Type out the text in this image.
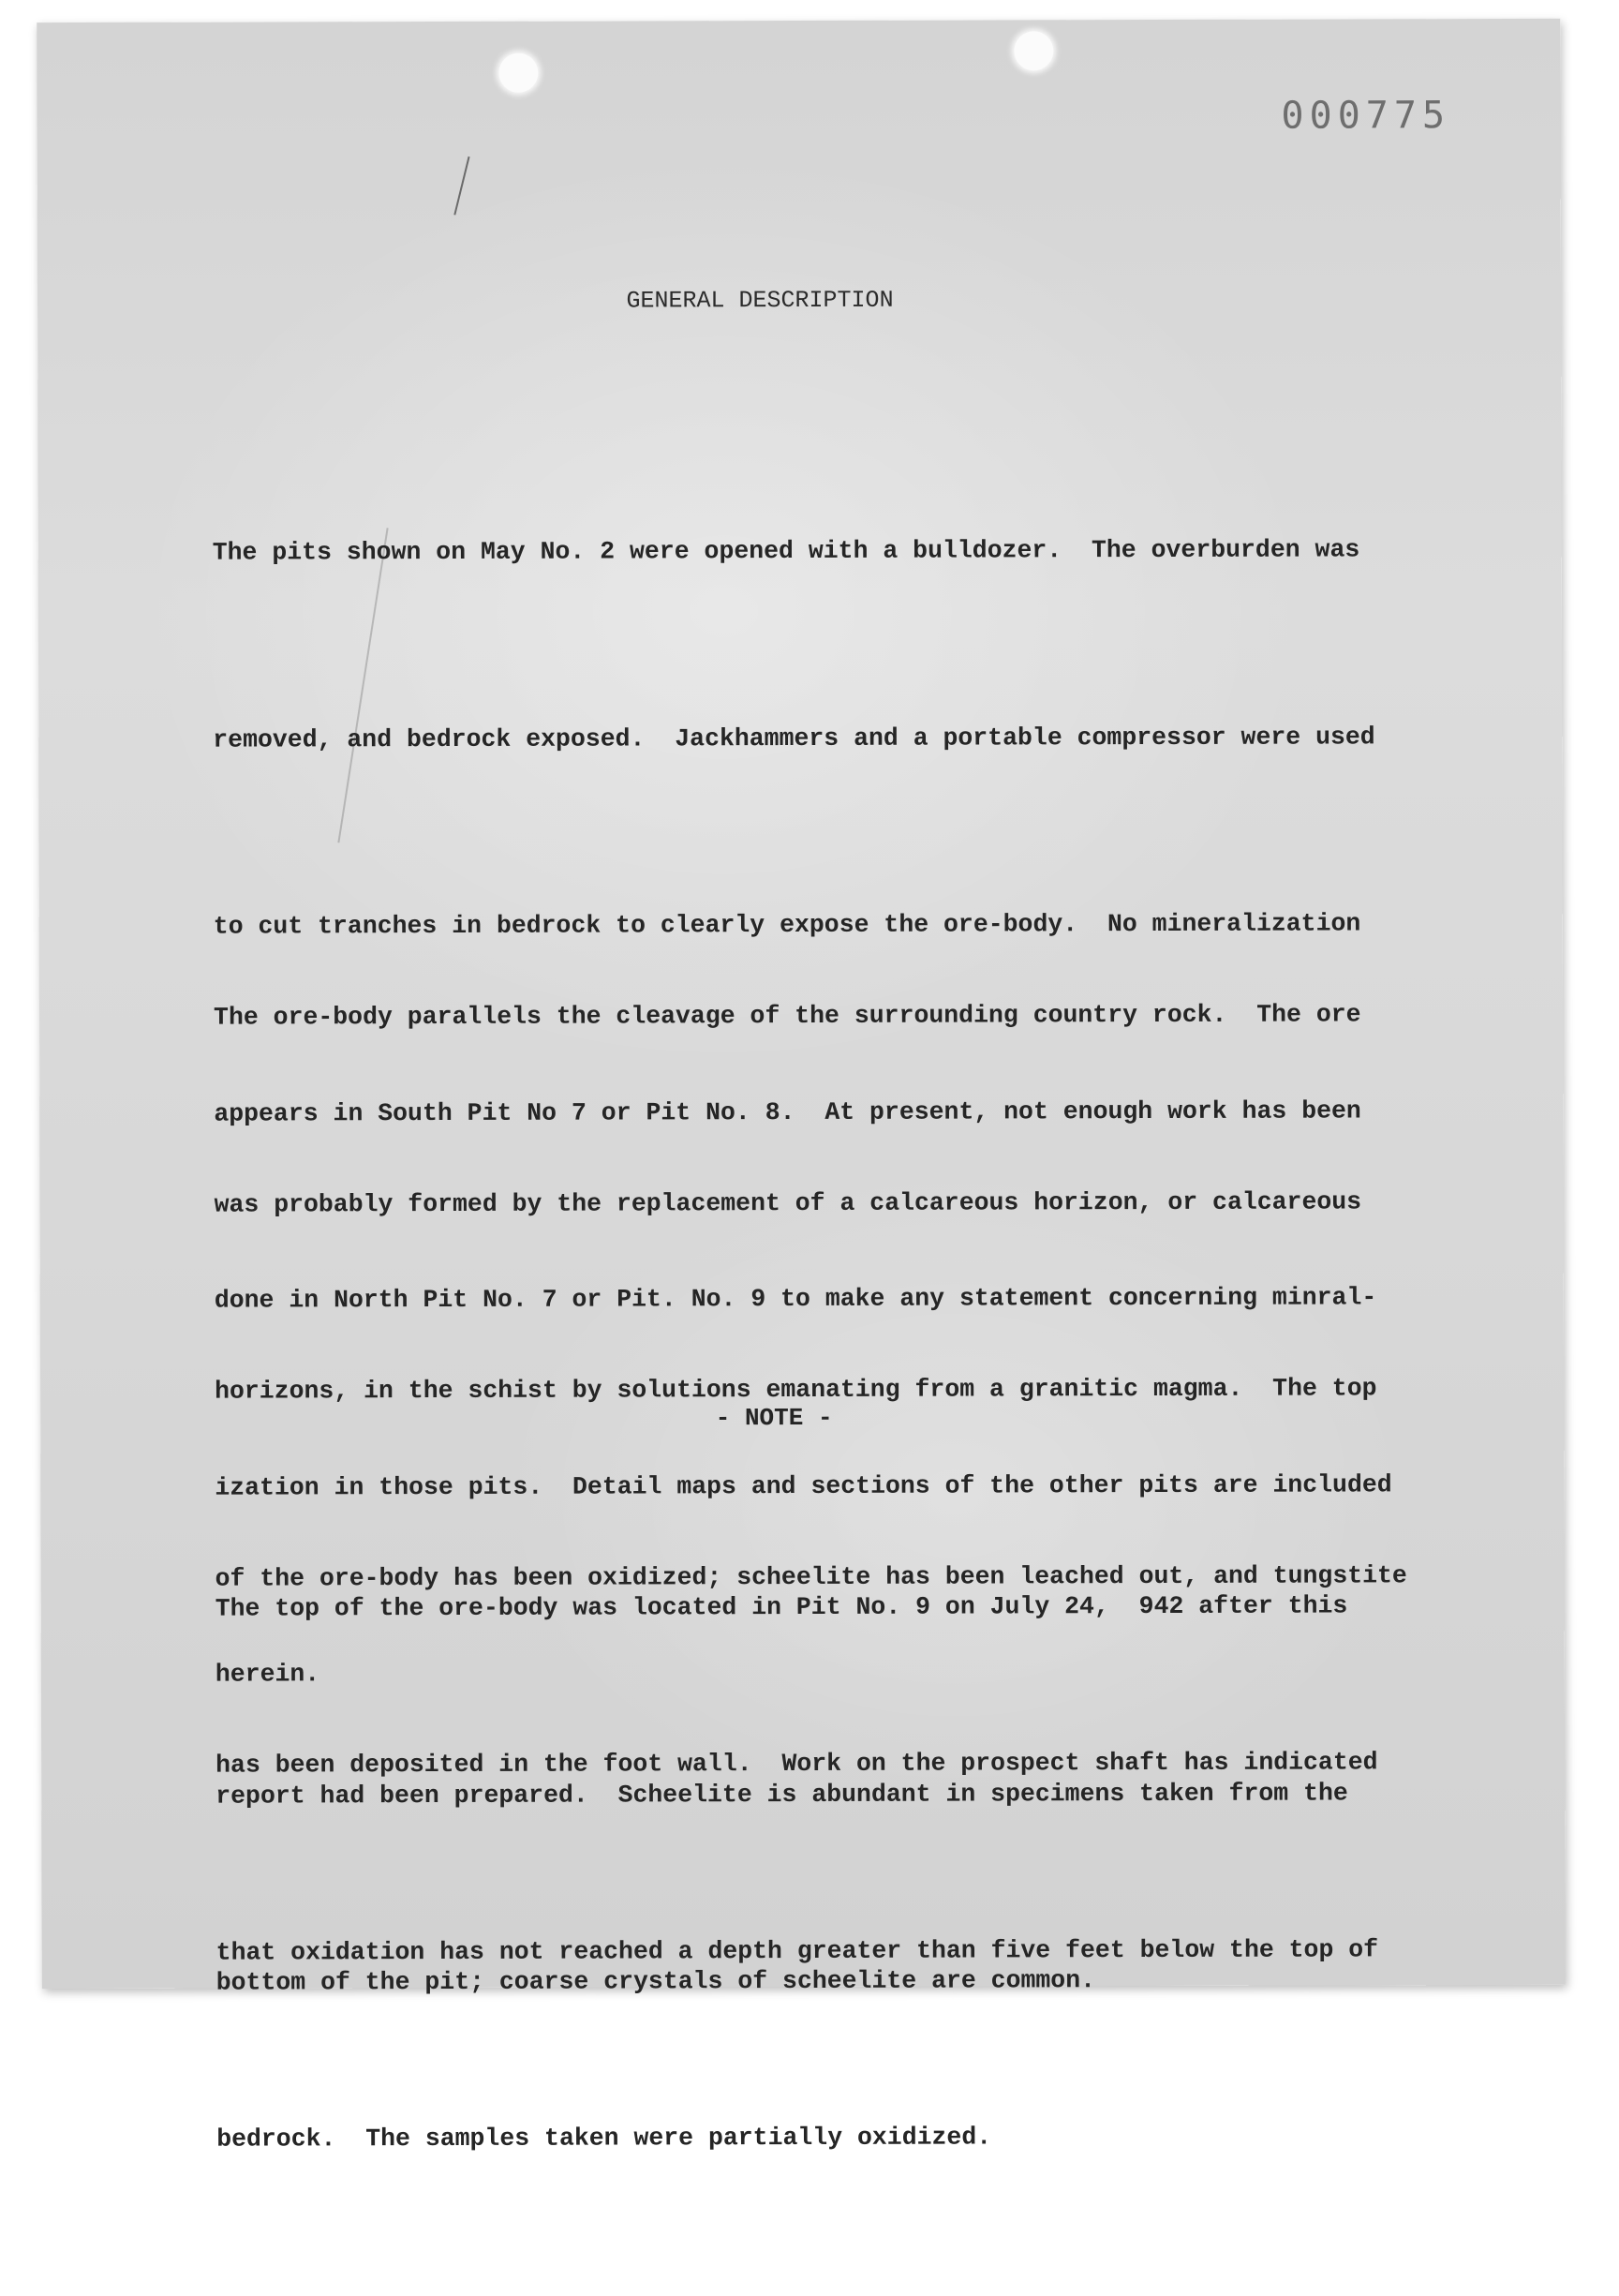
000775
GENERAL DESCRIPTION

The pits shown on May No. 2 were opened with a bulldozer.  The overburden was

removed, and bedrock exposed.  Jackhammers and a portable compressor were used

to cut tranches in bedrock to clearly expose the ore-body.  No mineralization

appears in South Pit No 7 or Pit No. 8.  At present, not enough work has been

done in North Pit No. 7 or Pit. No. 9 to make any statement concerning minral-

ization in those pits.  Detail maps and sections of the other pits are included

herein.

The ore-body parallels the cleavage of the surrounding country rock.  The ore

was probably formed by the replacement of a calcareous horizon, or calcareous

horizons, in the schist by solutions emanating from a granitic magma.  The top

of the ore-body has been oxidized; scheelite has been leached out, and tungstite

has been deposited in the foot wall.  Work on the prospect shaft has indicated

that oxidation has not reached a depth greater than five feet below the top of

bedrock.  The samples taken were partially oxidized.

- NOTE -

The top of the ore-body was located in Pit No. 9 on July 24,  942 after this

report had been prepared.  Scheelite is abundant in specimens taken from the

bottom of the pit; coarse crystals of scheelite are common.
